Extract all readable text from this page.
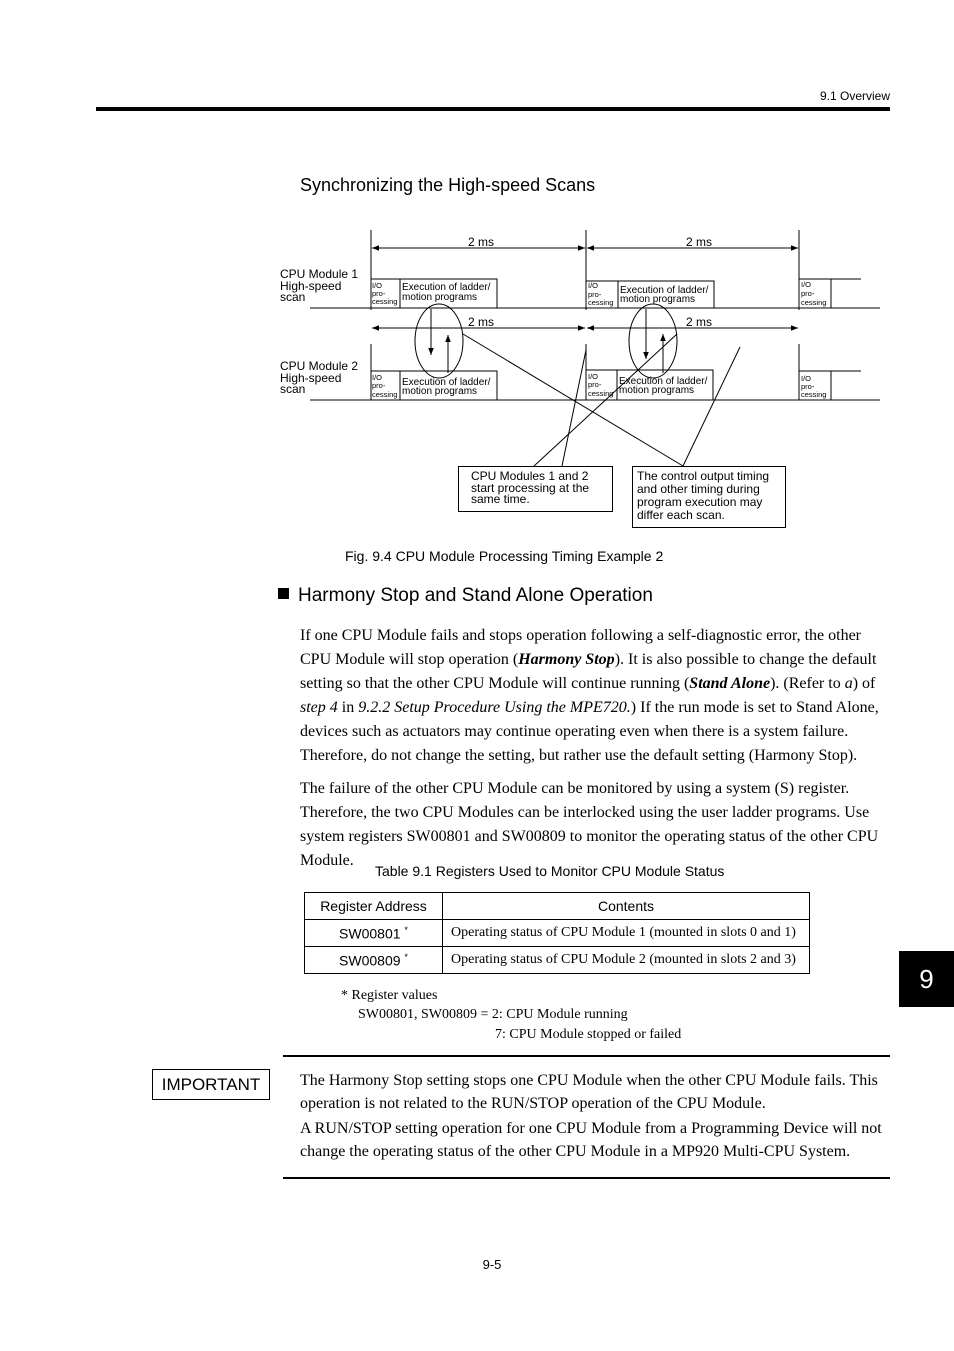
9.1 Overview
Synchronizing the High-speed Scans
2 ms	2 ms
2 ms	2 ms
CPU Module 1
High-speed
scan
CPU Module 2
High-speed
scan
I/O
pro-
cessing
I/O
pro-
cessing
I/O
pro-
cessing
I/O
pro-
cessing
I/O
pro-
cessing
I/O
pro-
cessing
Execution of ladder/
motion programs
Execution of ladder/
motion programs
Execution of ladder/
motion programs
Execution of ladder/
motion programs
CPU Modules 1 and 2
start processing at the
same time.
The control output timing
and other timing during
program execution may
differ each scan.
Fig. 9.4 CPU Module Processing Timing Example 2
Harmony Stop and Stand Alone Operation
If one CPU Module fails and stops operation following a self-diagnostic error, the other CPU Module will stop operation (Harmony Stop). It is also possible to change the default setting so that the other CPU Module will continue running (Stand Alone). (Refer to a) of step 4 in 9.2.2 Setup Procedure Using the MPE720.) If the run mode is set to Stand Alone, devices such as actuators may continue operating even when there is a system failure. Therefore, do not change the setting, but rather use the default setting (Harmony Stop).
The failure of the other CPU Module can be monitored by using a system (S) register. Therefore, the two CPU Modules can be interlocked using the user ladder programs. Use system registers SW00801 and SW00809 to monitor the operating status of the other CPU Module.
Table 9.1 Registers Used to Monitor CPU Module Status
Register Address	Contents
SW00801 *	Operating status of CPU Module 1 (mounted in slots 0 and 1)
SW00809 *	Operating status of CPU Module 2 (mounted in slots 2 and 3)
* Register values
SW00801, SW00809 = 2: CPU Module running
7: CPU Module stopped or failed
9
IMPORTANT	The Harmony Stop setting stops one CPU Module when the other CPU Module fails. This operation is not related to the RUN/STOP operation of the CPU Module.
A RUN/STOP setting operation for one CPU Module from a Programming Device will not change the operating status of the other CPU Module in a MP920 Multi-CPU System.
9-5
